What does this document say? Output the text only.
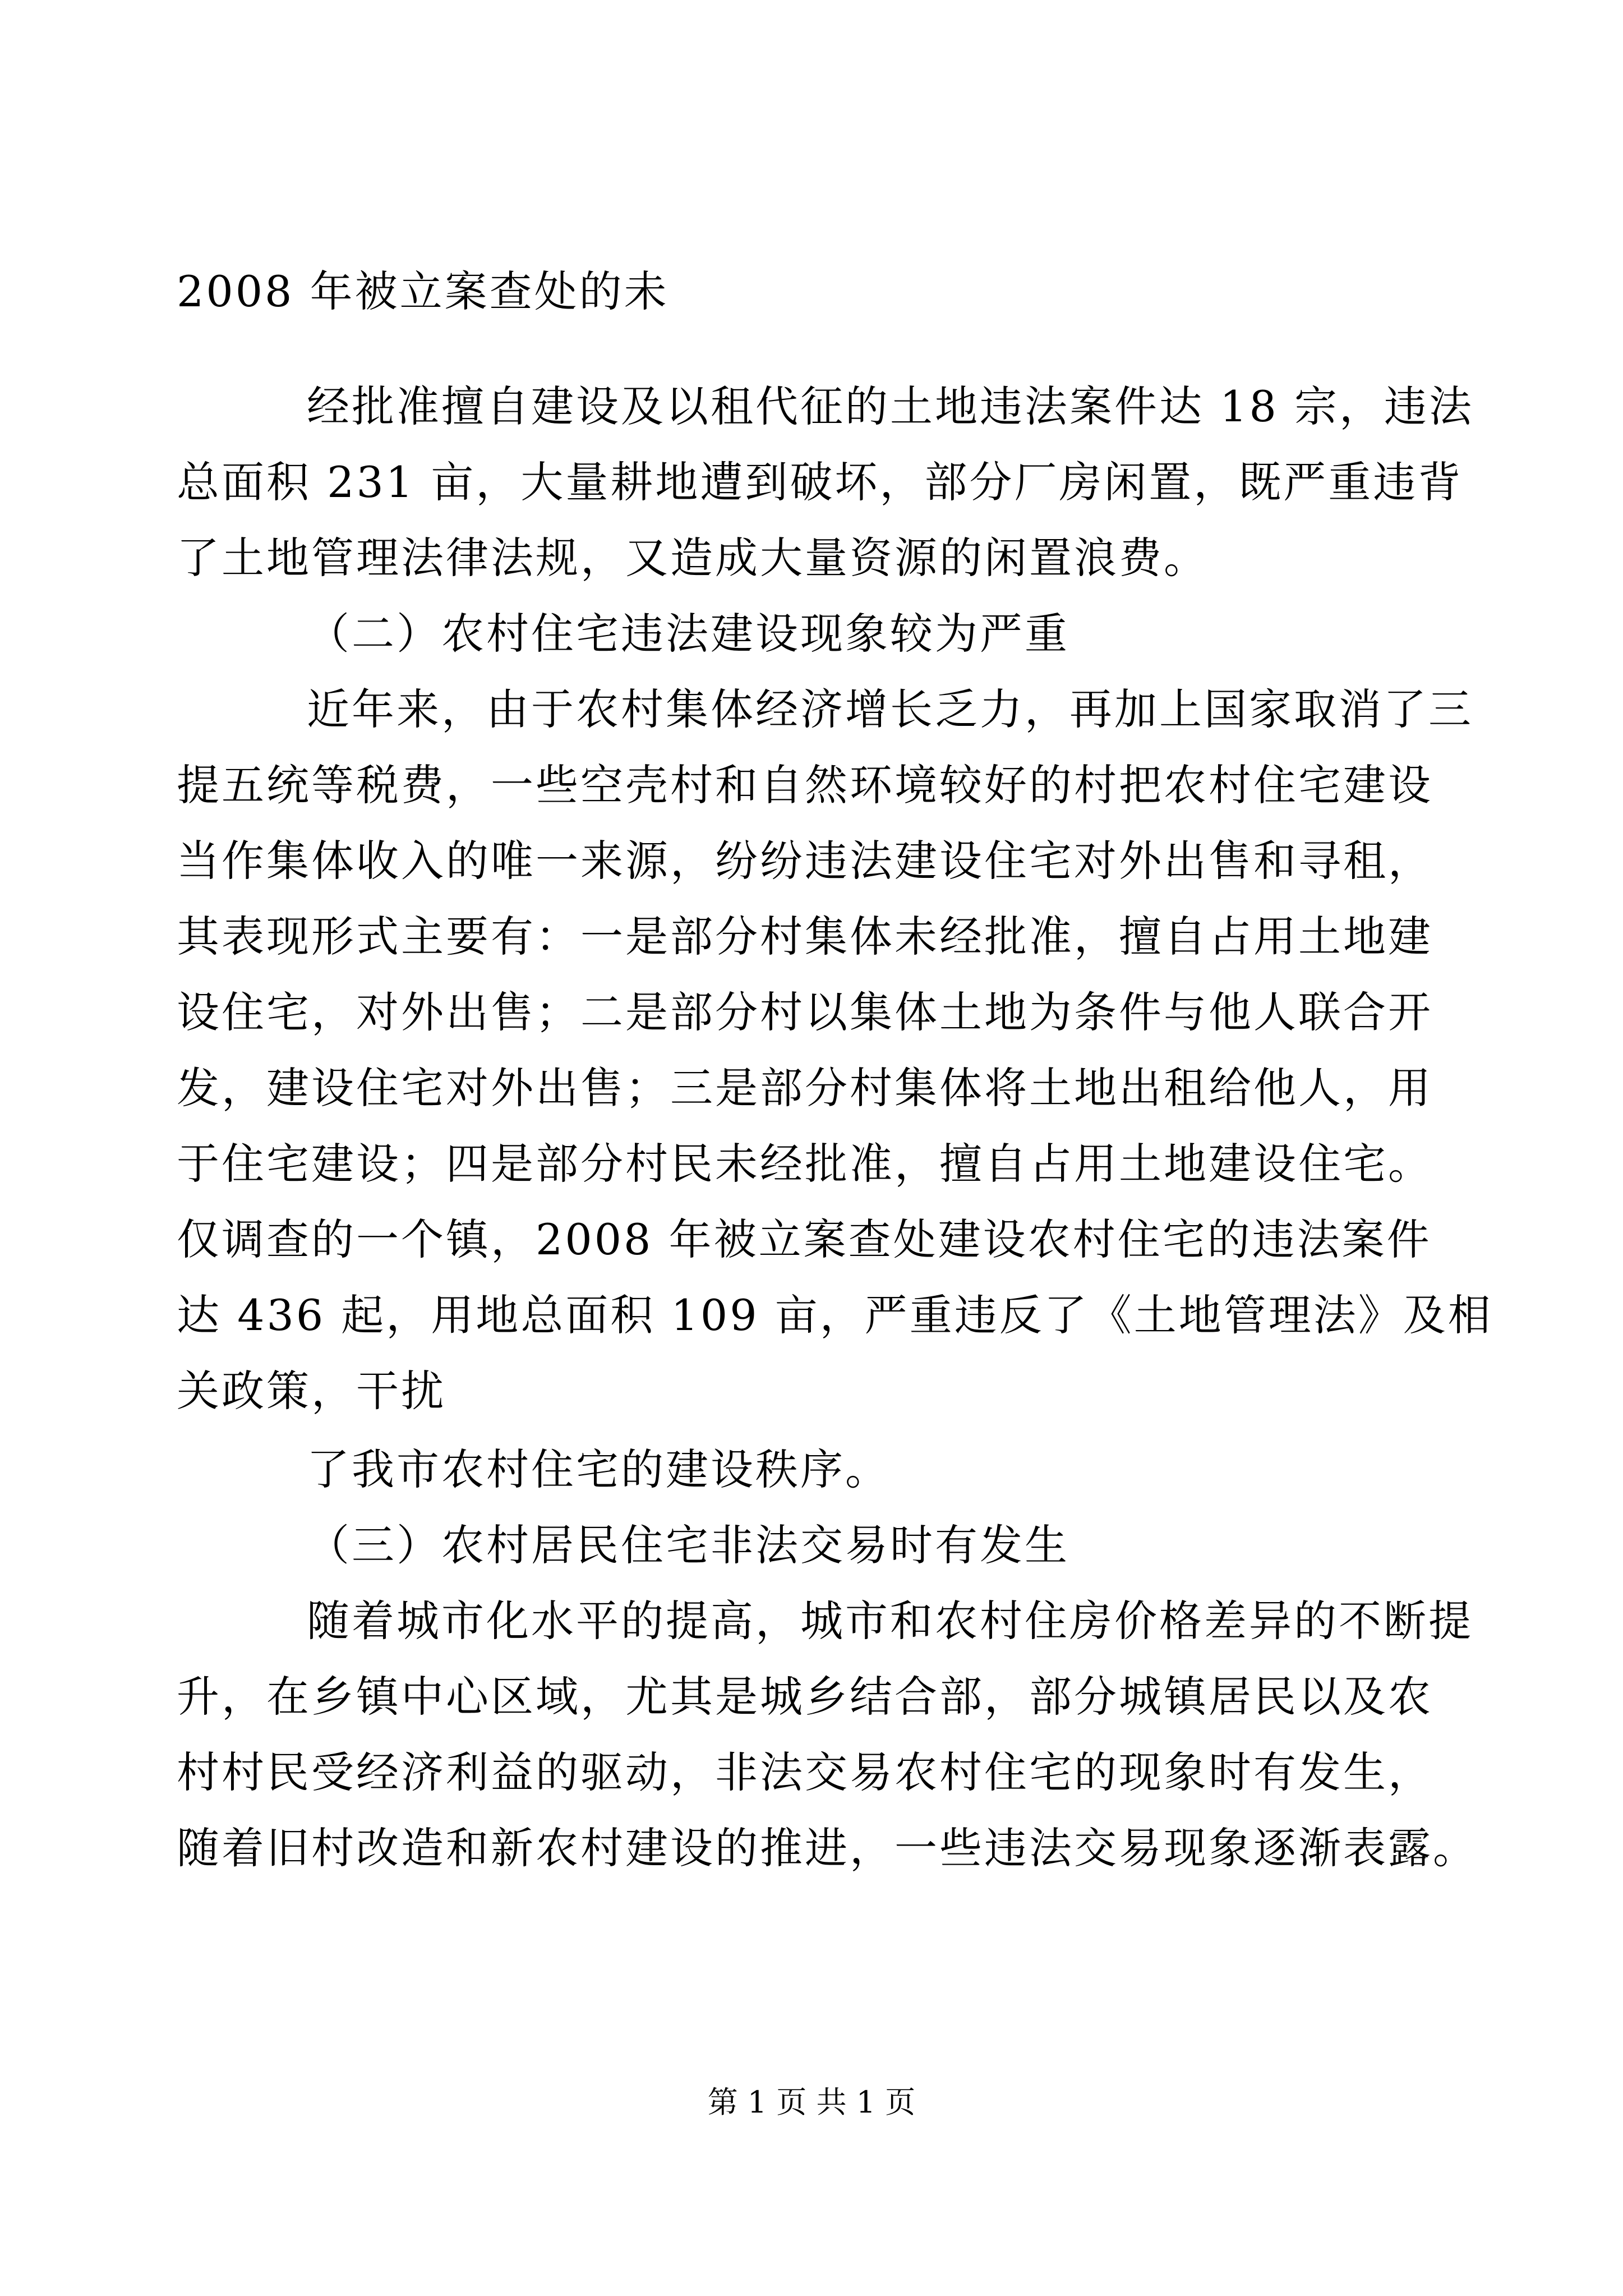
2008 年被立案查处的未
经批准擅自建设及以租代征的土地违法案件达 18 宗，违法
总面积 231 亩，大量耕地遭到破坏，部分厂房闲置，既严重违背
了土地管理法律法规，又造成大量资源的闲置浪费。
（二）农村住宅违法建设现象较为严重
近年来，由于农村集体经济增长乏力，再加上国家取消了三
提五统等税费，一些空壳村和自然环境较好的村把农村住宅建设
当作集体收入的唯一来源，纷纷违法建设住宅对外出售和寻租，
其表现形式主要有：一是部分村集体未经批准，擅自占用土地建
设住宅，对外出售；二是部分村以集体土地为条件与他人联合开
发，建设住宅对外出售；三是部分村集体将土地出租给他人，用
于住宅建设；四是部分村民未经批准，擅自占用土地建设住宅。
仅调查的一个镇，2008 年被立案查处建设农村住宅的违法案件
达 436 起，用地总面积 109 亩，严重违反了《土地管理法》及相
关政策，干扰
了我市农村住宅的建设秩序。
（三）农村居民住宅非法交易时有发生
随着城市化水平的提高，城市和农村住房价格差异的不断提
升，在乡镇中心区域，尤其是城乡结合部，部分城镇居民以及农
村村民受经济利益的驱动，非法交易农村住宅的现象时有发生，
随着旧村改造和新农村建设的推进，一些违法交易现象逐渐表露。
第 1 页 共 1 页
